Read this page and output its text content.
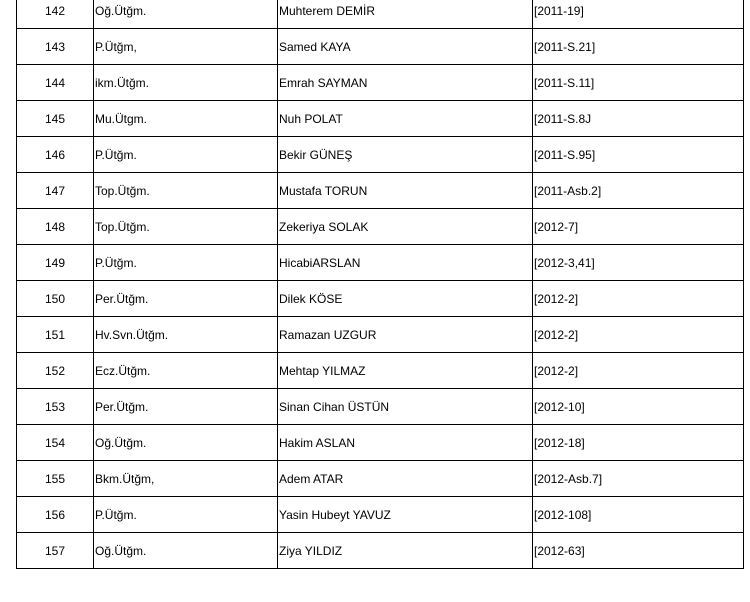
142	Oğ.Ütğm.	Muhterem DEMİR	[2011-19]
143	P.Ütğm,	Samed KAYA	[2011-S.21]
144	ikm.Ütğm.	Emrah SAYMAN	[2011-S.11]
145	Mu.Ütgm.	Nuh POLAT	[2011-S.8J
146	P.Ütğm.	Bekir GÜNEŞ	[2011-S.95]
147	Top.Ütğm.	Mustafa TORUN	[2011-Asb.2]
148	Top.Ütğm.	Zekeriya SOLAK	[2012-7]
149	P.Ütğm.	HicabiARSLAN	[2012-3,41]
150	Per.Ütğm.	Dilek KÖSE	[2012-2]
151	Hv.Svn.Ütğm.	Ramazan UZGUR	[2012-2]
152	Ecz.Ütğm.	Mehtap YILMAZ	[2012-2]
153	Per.Ütğm.	Sinan Cihan ÜSTÜN	[2012-10]
154	Oğ.Ütğm.	Hakim ASLAN	[2012-18]
155	Bkm.Ütğm,	Adem ATAR	[2012-Asb.7]
156	P.Ütğm.	Yasin Hubeyt YAVUZ	[2012-108]
157	Oğ.Ütğm.	Ziya YILDIZ	[2012-63]
